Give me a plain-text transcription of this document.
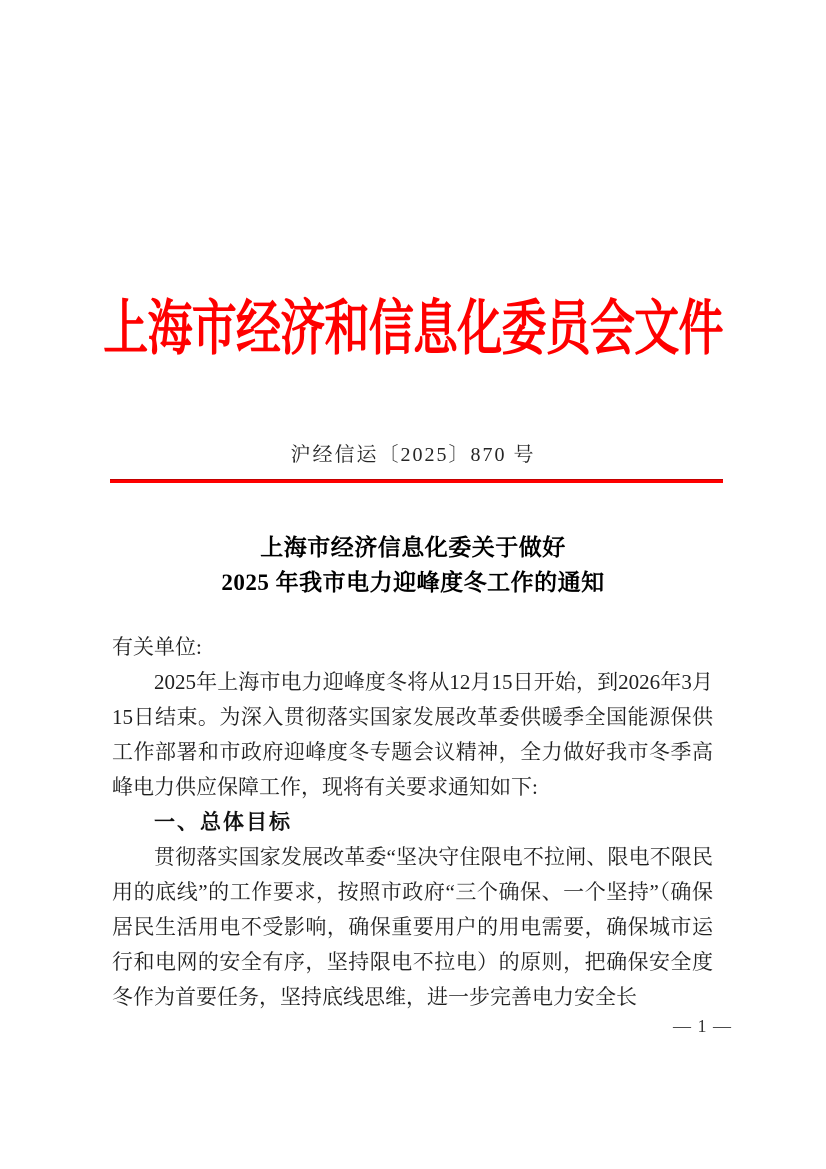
上海市经济和信息化委员会文件
沪经信运〔2025〕870 号
上海市经济信息化委关于做好
2025 年我市电力迎峰度冬工作的通知

有关单位:

2025年上海市电力迎峰度冬将从12月15日开始，到2026年3月15日结束。为深入贯彻落实国家发展改革委供暖季全国能源保供工作部署和市政府迎峰度冬专题会议精神，全力做好我市冬季高峰电力供应保障工作，现将有关要求通知如下:

一、总体目标

贯彻落实国家发展改革委“坚决守住限电不拉闸、限电不限民用的底线”的工作要求，按照市政府“三个确保、一个坚持”（确保居民生活用电不受影响，确保重要用户的用电需要，确保城市运行和电网的安全有序，坚持限电不拉电）的原则，把确保安全度冬作为首要任务，坚持底线思维，进一步完善电力安全长

— 1 —
